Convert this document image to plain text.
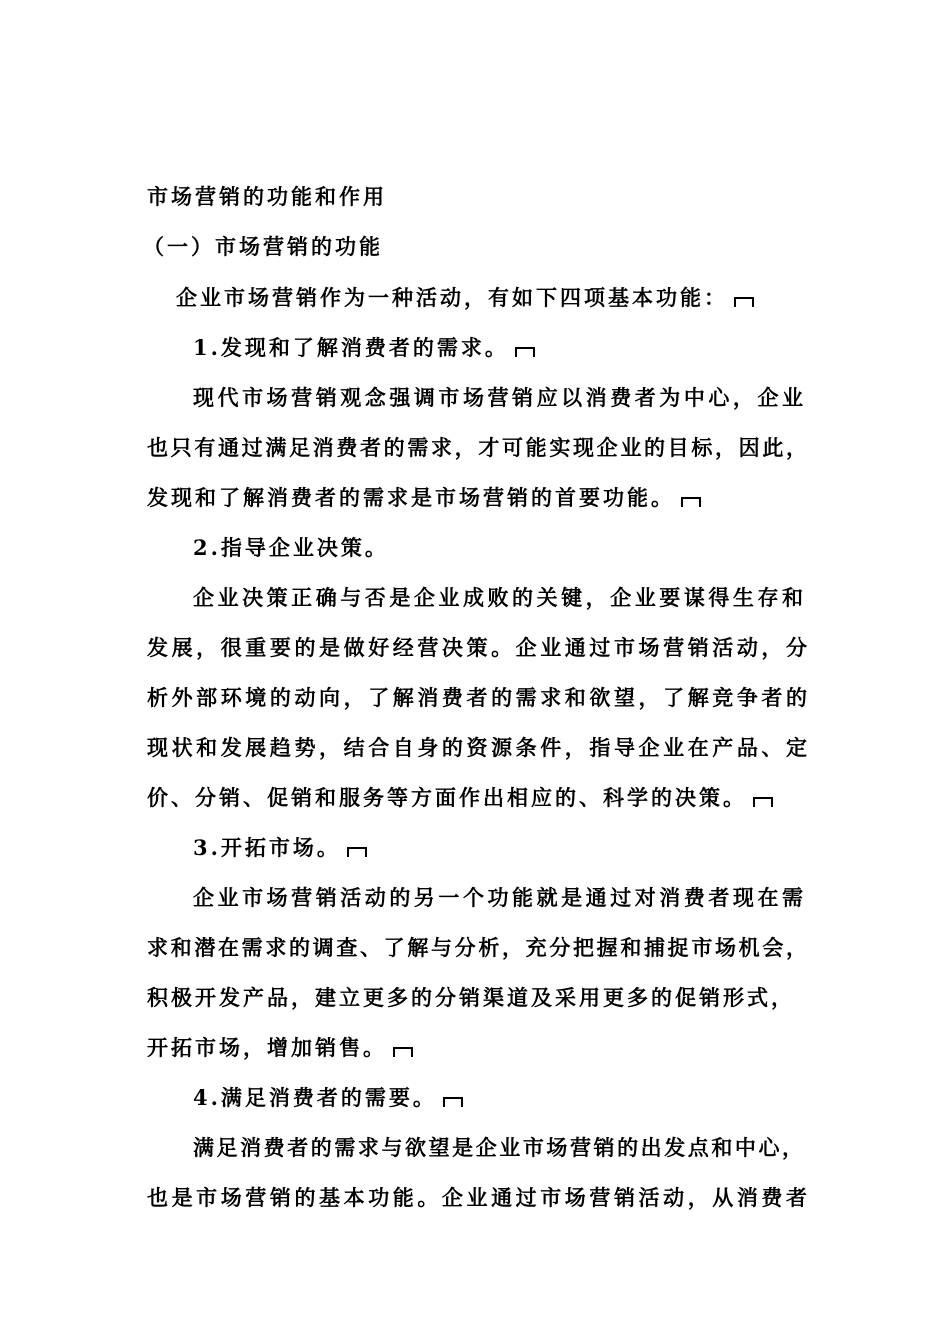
市场营销的功能和作用
（一）市场营销的功能
企业市场营销作为一种活动，有如下四项基本功能：
1.发现和了解消费者的需求。
现代市场营销观念强调市场营销应以消费者为中心，企业
也只有通过满足消费者的需求，才可能实现企业的目标，因此，
发现和了解消费者的需求是市场营销的首要功能。
2.指导企业决策。
企业决策正确与否是企业成败的关键，企业要谋得生存和
发展，很重要的是做好经营决策。企业通过市场营销活动，分
析外部环境的动向，了解消费者的需求和欲望，了解竞争者的
现状和发展趋势，结合自身的资源条件，指导企业在产品、定
价、分销、促销和服务等方面作出相应的、科学的决策。
3.开拓市场。
企业市场营销活动的另一个功能就是通过对消费者现在需
求和潜在需求的调查、了解与分析，充分把握和捕捉市场机会，
积极开发产品，建立更多的分销渠道及采用更多的促销形式，
开拓市场，增加销售。
4.满足消费者的需要。
满足消费者的需求与欲望是企业市场营销的出发点和中心，
也是市场营销的基本功能。企业通过市场营销活动，从消费者
